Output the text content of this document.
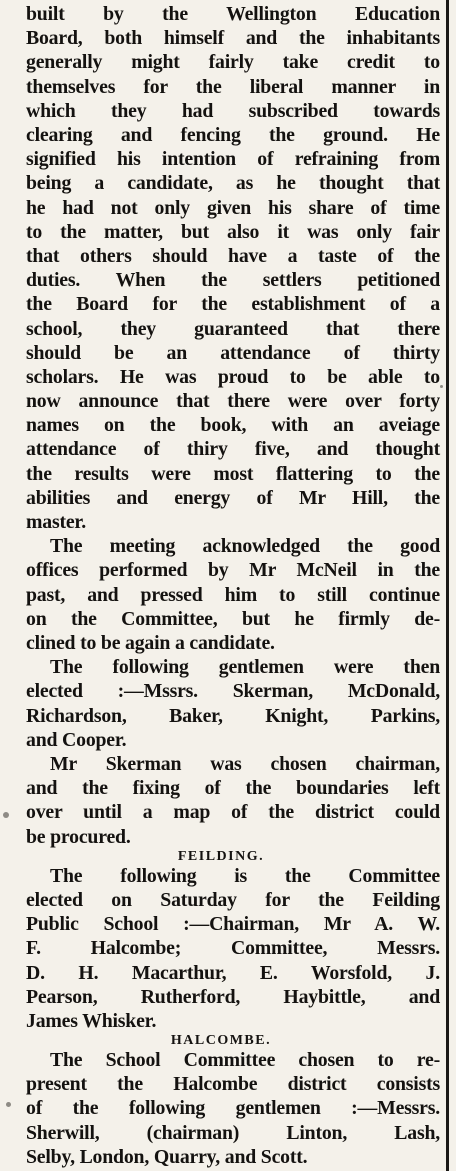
built by the Wellington Education
Board, both himself and the inhabitants
generally might fairly take credit to
themselves for the liberal manner in
which they had subscribed towards
clearing and fencing the ground. He
signified his intention of refraining from
being a candidate, as he thought that
he had not only given his share of time
to the matter, but also it was only fair
that others should have a taste of the
duties. When the settlers petitioned
the Board for the establishment of a
school, they guaranteed that there
should be an attendance of thirty
scholars. He was proud to be able to
now announce that there were over forty
names on the book, with an aveiage
attendance of thiry five, and thought
the results were most flattering to the
abilities and energy of Mr Hill, the
master.
The meeting acknowledged the good
offices performed by Mr McNeil in the
past, and pressed him to still continue
on the Committee, but he firmly de-
clined to be again a candidate.
The following gentlemen were then
elected :—Mssrs. Skerman, McDonald,
Richardson, Baker, Knight, Parkins,
and Cooper.
Mr Skerman was chosen chairman,
and the fixing of the boundaries left
over until a map of the district could
be procured.
FEILDING.
The following is the Committee
elected on Saturday for the Feilding
Public School :—Chairman, Mr A. W.
F. Halcombe; Committee, Messrs.
D. H. Macarthur, E. Worsfold, J.
Pearson, Rutherford, Haybittle, and
James Whisker.
HALCOMBE.
The School Committee chosen to re-
present the Halcombe district consists
of the following gentlemen :—Messrs.
Sherwill, (chairman) Linton, Lash,
Selby, London, Quarry, and Scott.
